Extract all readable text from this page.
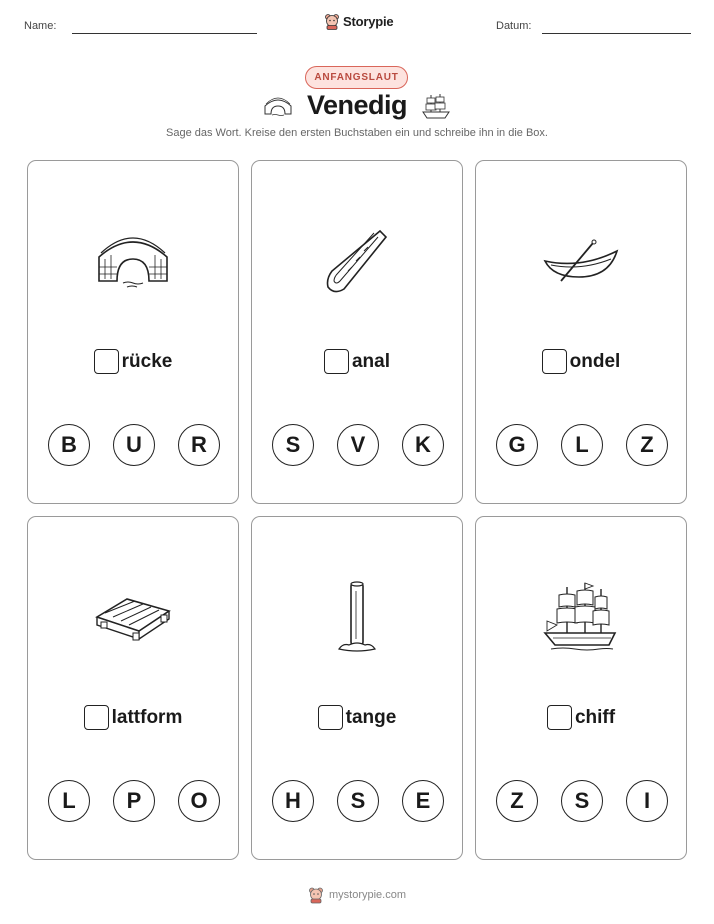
Name:	Storypie	Datum:
ANFANGSLAUT
Venedig
Sage das Wort. Kreise den ersten Buchstaben ein und schreibe ihn in die Box.
rücke
B	U	R
anal
S	V	K
ondel
G	L	Z
lattform
L	P	O
tange
H	S	E
chiff
Z	S	I
mystorypie.com
